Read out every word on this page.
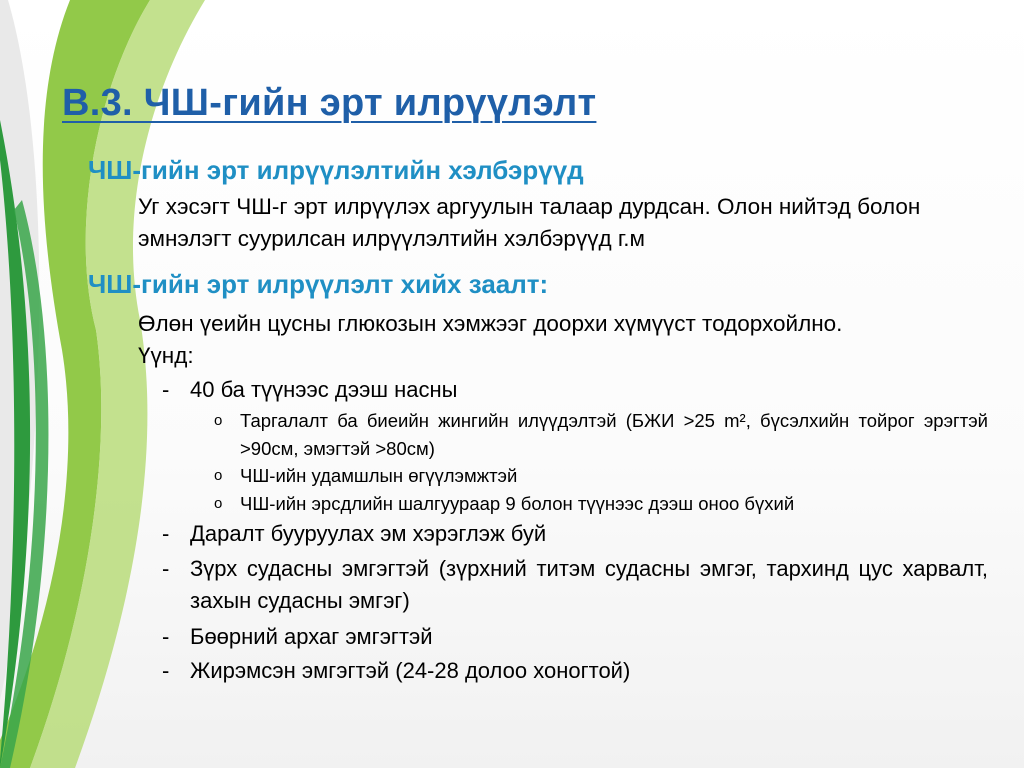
B.3. ЧШ-гийн эрт илрүүлэлт

ЧШ-гийн эрт илрүүлэлтийн хэлбэрүүд

Уг хэсэгт ЧШ-г эрт илрүүлэх аргуулын талаар дурдсан. Олон нийтэд болон эмнэлэгт суурилсан илрүүлэлтийн хэлбэрүүд г.м

ЧШ-гийн эрт илрүүлэлт хийх заалт:

Өлөн үеийн цусны глюкозын хэмжээг доорхи хүмүүст тодорхойлно. Үүнд:

- 40 ба түүнээс дээш насны
o Таргалалт ба биеийн жингийн илүүдэлтэй (БЖИ >25 m², бүсэлхийн тойрог эрэгтэй >90см, эмэгтэй >80см)
o ЧШ-ийн удамшлын өгүүлэмжтэй
o ЧШ-ийн эрсдлийн шалгуураар 9 болон түүнээс дээш оноо бүхий
- Даралт бууруулах эм хэрэглэж буй
- Зүрх судасны эмгэгтэй (зүрхний титэм судасны эмгэг, тархинд цус харвалт, захын судасны эмгэг)
- Бөөрний архаг эмгэгтэй
- Жирэмсэн эмгэгтэй (24-28 долоо хоногтой)
